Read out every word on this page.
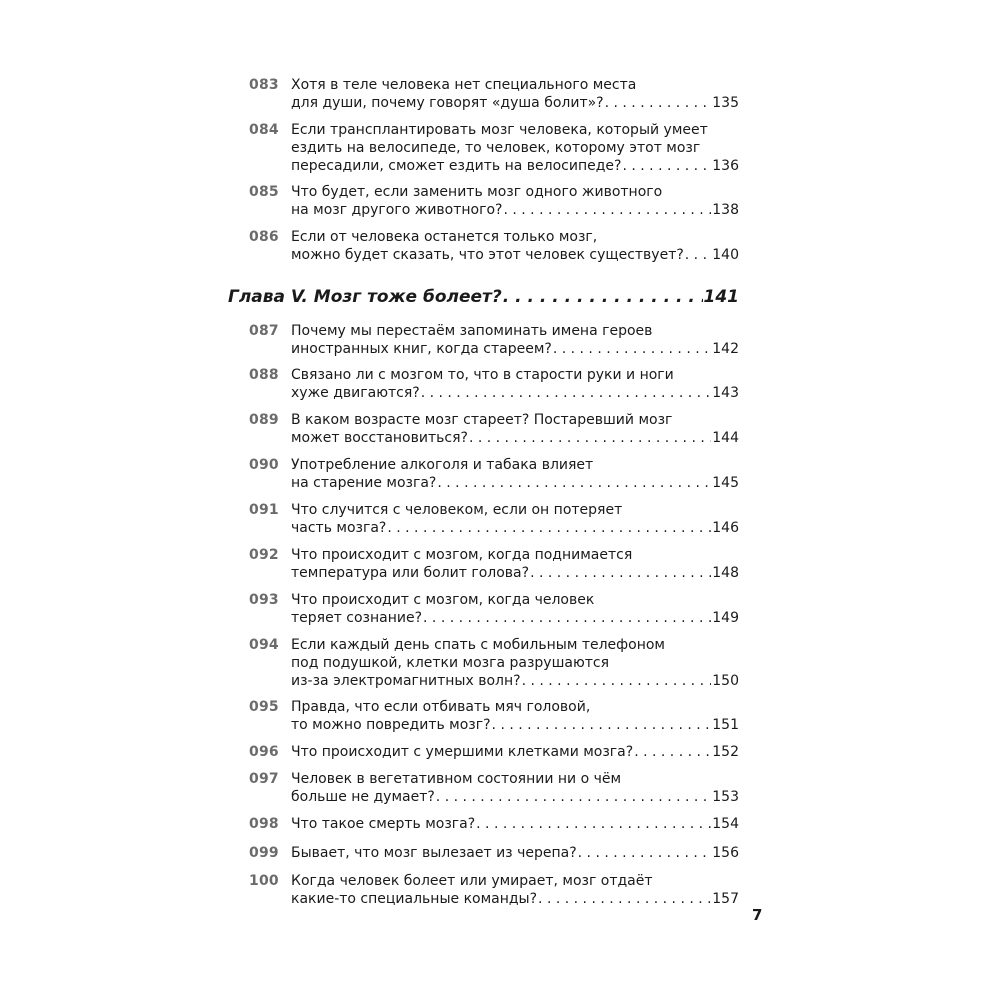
083 Хотя в теле человека нет специального места
для души, почему говорят «душа болит»? . . .	135
084 Если трансплантировать мозг человека, который умеет
ездить на велосипеде, то человек, которому этот мозг
пересадили, сможет ездить на велосипеде? . . .	136
085 Что будет, если заменить мозг одного животного
на мозг другого животного? . . .	138
086 Если от человека останется только мозг,
можно будет сказать, что этот человек существует? . . . 140
Глава V. Мозг тоже болеет? . . .	141
087 Почему мы перестаём запоминать имена героев
иностранных книг, когда стареем? . . .	142
088 Связано ли с мозгом то, что в старости руки и ноги
хуже двигаются? . . .	143
089 В каком возрасте мозг стареет? Постаревший мозг
может восстановиться? . . .	144
090 Употребление алкоголя и табака влияет
на старение мозга? . . .	145
091 Что случится с человеком, если он потеряет
часть мозга? . . .	146
092 Что происходит с мозгом, когда поднимается
температура или болит голова? . . .	148
093 Что происходит с мозгом, когда человек
теряет сознание? . . .	149
094 Если каждый день спать с мобильным телефоном
под подушкой, клетки мозга разрушаются
из-за электромагнитных волн? . . .	150
095 Правда, что если отбивать мяч головой,
то можно повредить мозг? . . .	151
096 Что происходит с умершими клетками мозга? . . .	152
097 Человек в вегетативном состоянии ни о чём
больше не думает? . . .	153
098 Что такое смерть мозга? . . .	154
099 Бывает, что мозг вылезает из черепа? . . .	156
100 Когда человек болеет или умирает, мозг отдаёт
какие-то специальные команды? . . .	157
7
